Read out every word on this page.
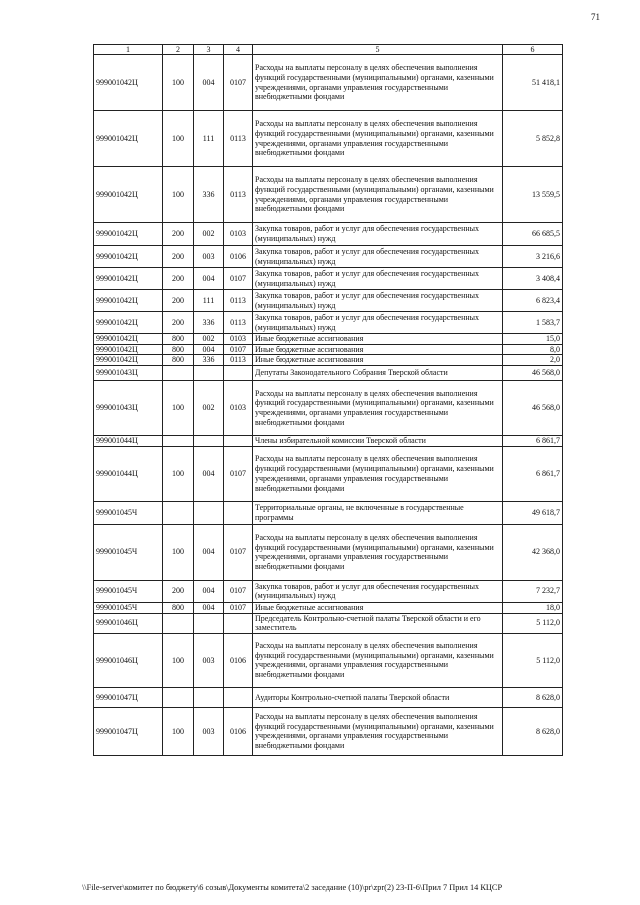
71
1	2	3	4	5	6
999001042Ц	100	004	0107	Расходы на выплаты персоналу в целях обеспечения выполнения функций государственными (муниципальными) органами, казенными учреждениями, органами управления государственными внебюджетными фондами	51 418,1
999001042Ц	100	111	0113	Расходы на выплаты персоналу в целях обеспечения выполнения функций государственными (муниципальными) органами, казенными учреждениями, органами управления государственными внебюджетными фондами	5 852,8
999001042Ц	100	336	0113	Расходы на выплаты персоналу в целях обеспечения выполнения функций государственными (муниципальными) органами, казенными учреждениями, органами управления государственными внебюджетными фондами	13 559,5
999001042Ц	200	002	0103	Закупка товаров, работ и услуг для обеспечения государственных (муниципальных) нужд	66 685,5
999001042Ц	200	003	0106	Закупка товаров, работ и услуг для обеспечения государственных (муниципальных) нужд	3 216,6
999001042Ц	200	004	0107	Закупка товаров, работ и услуг для обеспечения государственных (муниципальных) нужд	3 408,4
999001042Ц	200	111	0113	Закупка товаров, работ и услуг для обеспечения государственных (муниципальных) нужд	6 823,4
999001042Ц	200	336	0113	Закупка товаров, работ и услуг для обеспечения государственных (муниципальных) нужд	1 583,7
999001042Ц	800	002	0103	Иные бюджетные ассигнования	15,0
999001042Ц	800	004	0107	Иные бюджетные ассигнования	8,0
999001042Ц	800	336	0113	Иные бюджетные ассигнования	2,0
999001043Ц				Депутаты Законодательного Собрания Тверской области	46 568,0
999001043Ц	100	002	0103	Расходы на выплаты персоналу в целях обеспечения выполнения функций государственными (муниципальными) органами, казенными учреждениями, органами управления государственными внебюджетными фондами	46 568,0
999001044Ц				Члены избирательной комиссии Тверской области	6 861,7
999001044Ц	100	004	0107	Расходы на выплаты персоналу в целях обеспечения выполнения функций государственными (муниципальными) органами, казенными учреждениями, органами управления государственными внебюджетными фондами	6 861,7
999001045Ч				Территориальные органы, не включенные в государственные программы	49 618,7
999001045Ч	100	004	0107	Расходы на выплаты персоналу в целях обеспечения выполнения функций государственными (муниципальными) органами, казенными учреждениями, органами управления государственными внебюджетными фондами	42 368,0
999001045Ч	200	004	0107	Закупка товаров, работ и услуг для обеспечения государственных (муниципальных) нужд	7 232,7
999001045Ч	800	004	0107	Иные бюджетные ассигнования	18,0
999001046Ц				Председатель Контрольно-счетной палаты Тверской области и его заместитель	5 112,0
999001046Ц	100	003	0106	Расходы на выплаты персоналу в целях обеспечения выполнения функций государственными (муниципальными) органами, казенными учреждениями, органами управления государственными внебюджетными фондами	5 112,0
999001047Ц				Аудиторы Контрольно-счетной палаты Тверской области	8 628,0
999001047Ц	100	003	0106	Расходы на выплаты персоналу в целях обеспечения выполнения функций государственными (муниципальными) органами, казенными учреждениями, органами управления государственными внебюджетными фондами	8 628,0
\\File-server\комитет по бюджету\6 созыв\Документы комитета\2 заседание (10)\pr\zpr(2) 23-П-6\Прил 7 Прил 14 КЦСР
